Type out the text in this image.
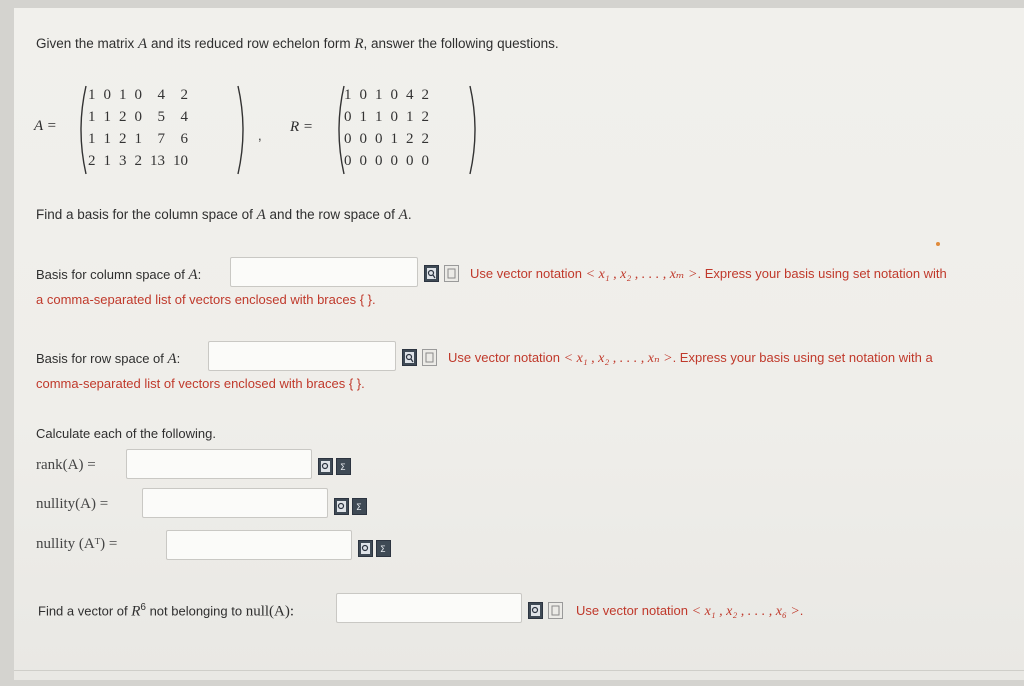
Given the matrix A and its reduced row echelon form R, answer the following questions.
A =
1	0	1	0	4	2
1	1	2	0	5	4
1	1	2	1	7	6
2	1	3	2	13	10
,
R =
1	0	1	0	4	2
0	1	1	0	1	2
0	0	0	1	2	2
0	0	0	0	0	0
Find a basis for the column space of A and the row space of A.
Basis for column space of A:	Use vector notation < x₁ , x₂ , . . . , xₘ >. Express your basis using set notation with
a comma-separated list of vectors enclosed with braces { }.
Basis for row space of A:	Use vector notation < x₁ , x₂ , . . . , xₙ >. Express your basis using set notation with a
comma-separated list of vectors enclosed with braces { }.
Calculate each of the following.
rank(A) =	Σ
nullity(A) =	Σ
nullity (Aᵀ) =	Σ
Find a vector of $R^6$ not belonging to null(A):	Use vector notation < x₁ , x₂ , . . . , x₆ >.
